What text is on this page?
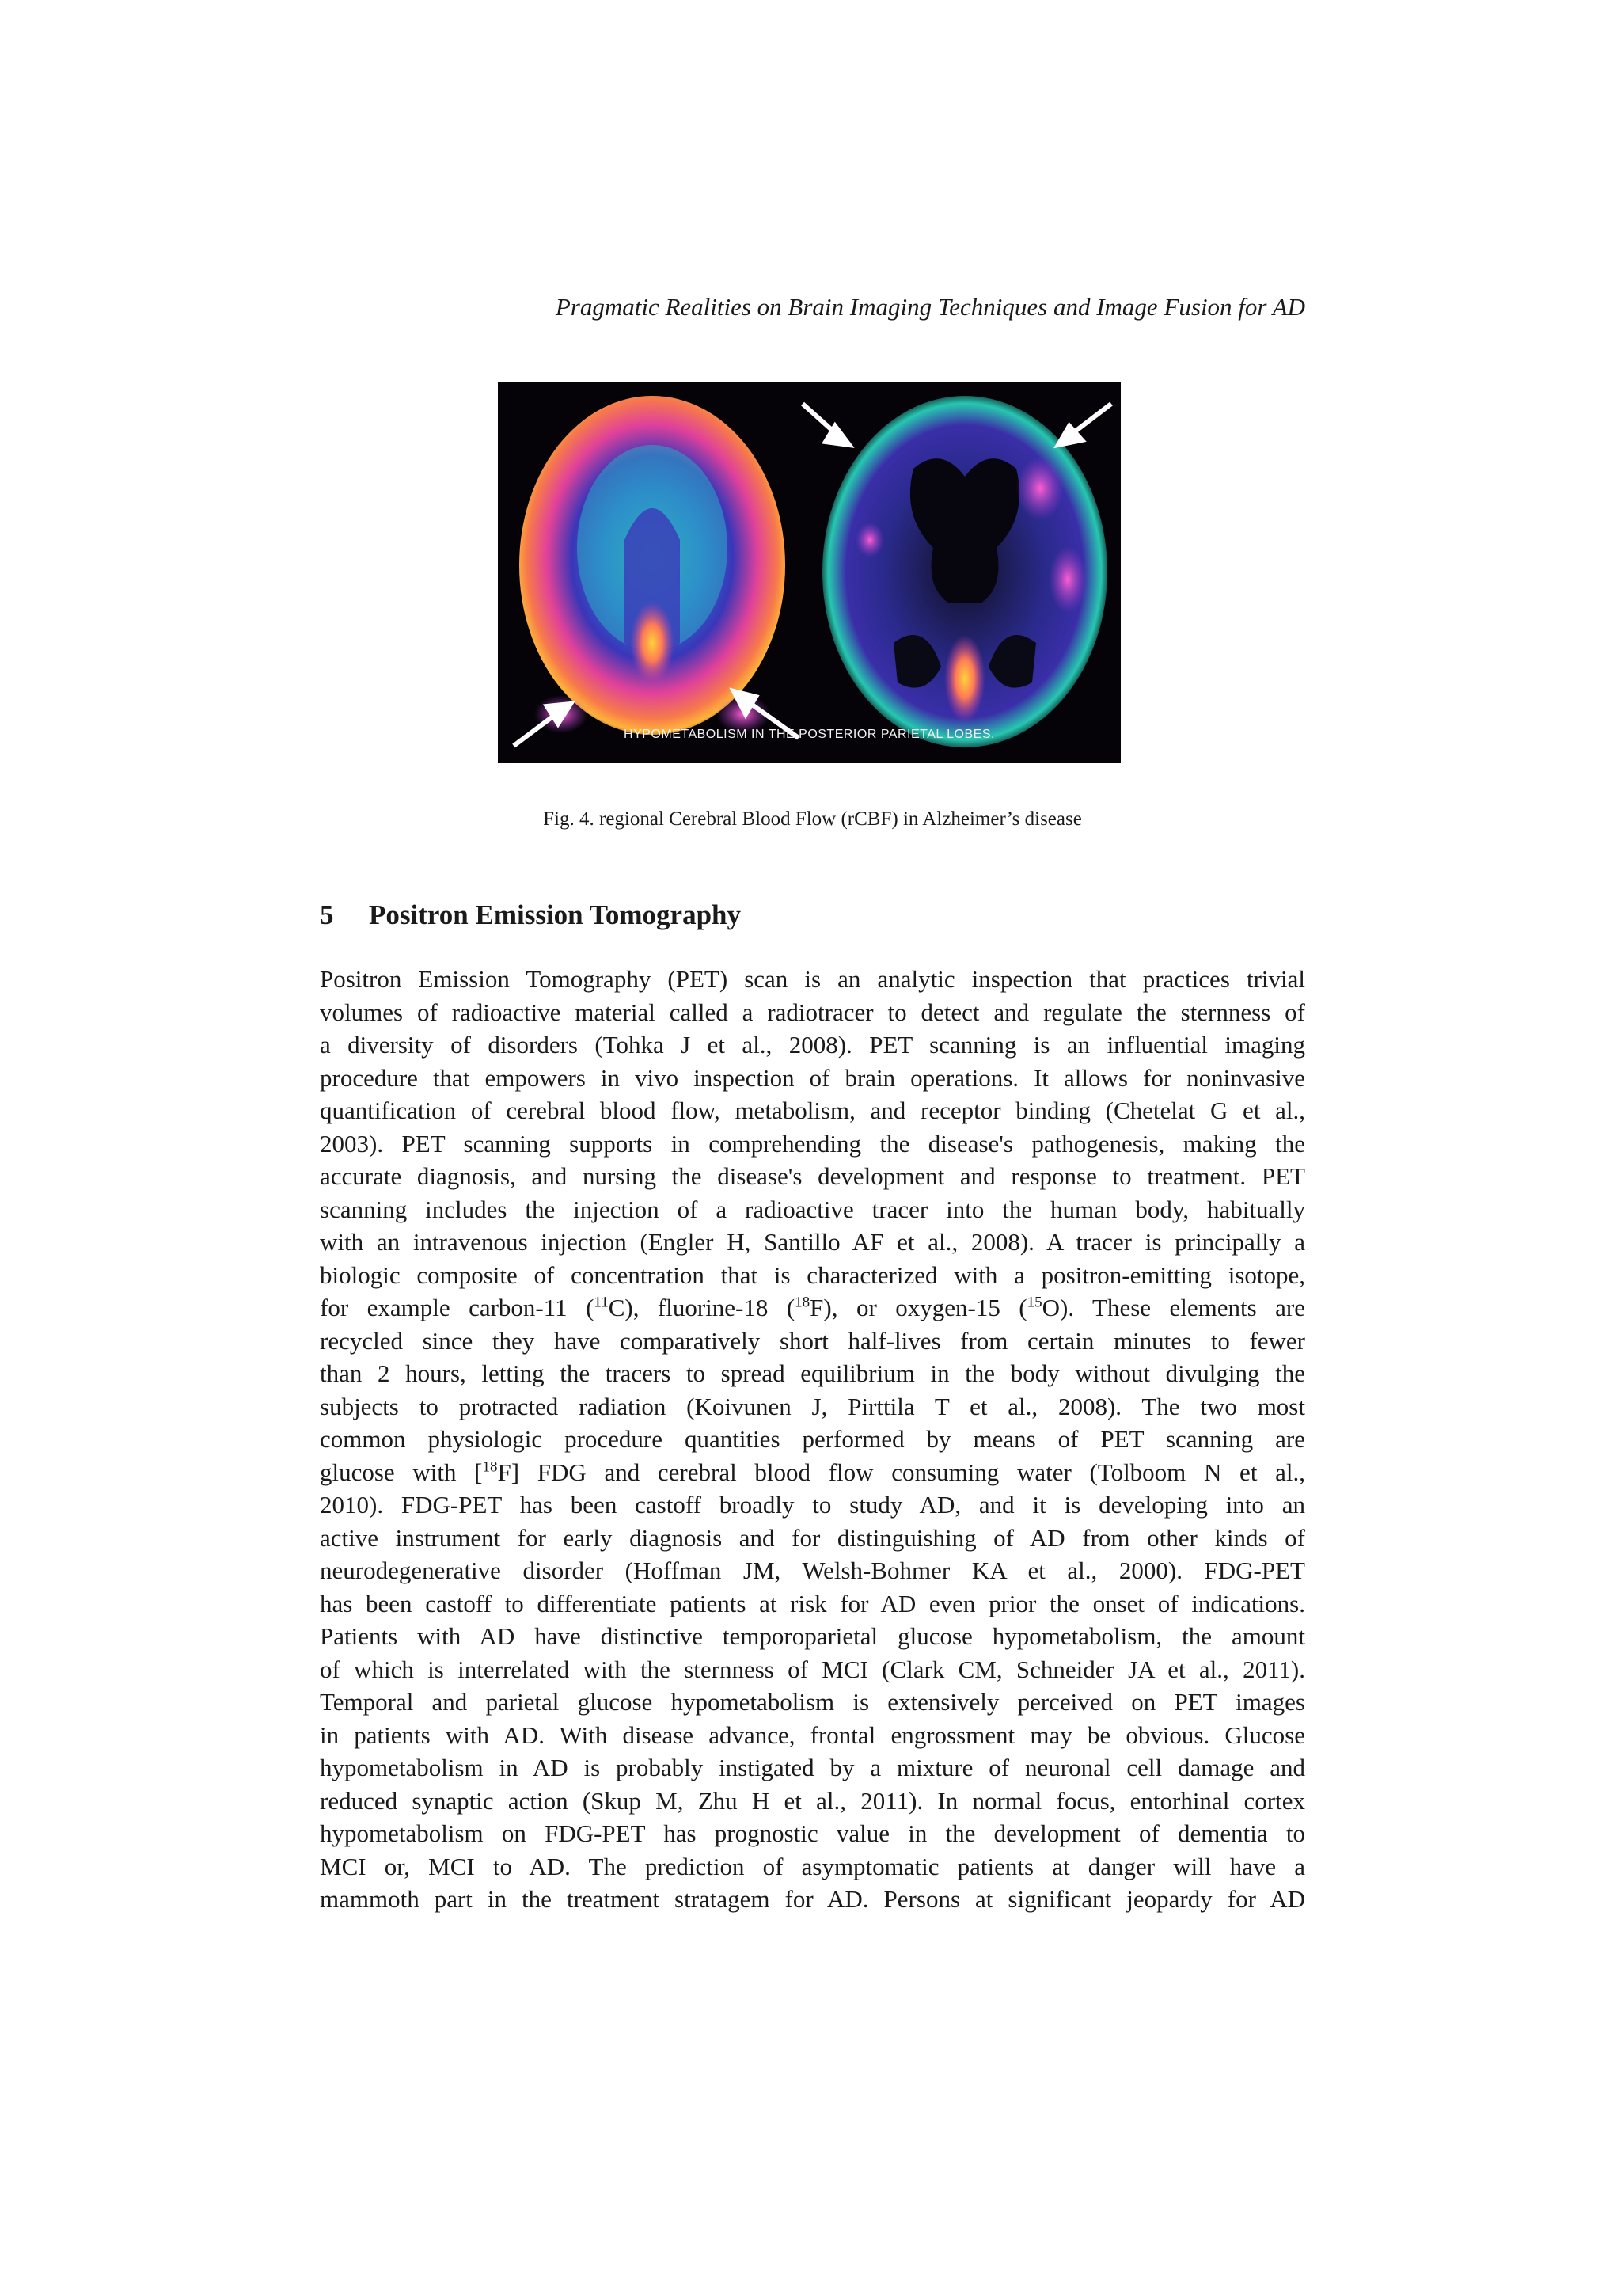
Pragmatic Realities on Brain Imaging Techniques and Image Fusion for AD
HYPOMETABOLISM IN THE POSTERIOR PARIETAL LOBES.
Fig. 4. regional Cerebral Blood Flow (rCBF) in Alzheimer’s disease
5 Positron Emission Tomography
Positron Emission Tomography (PET) scan is an analytic inspection that practices trivial
volumes of radioactive material called a radiotracer to detect and regulate the sternness of
a diversity of disorders (Tohka J et al., 2008). PET scanning is an influential imaging
procedure that empowers in vivo inspection of brain operations. It allows for noninvasive
quantification of cerebral blood flow, metabolism, and receptor binding (Chetelat G et al.,
2003). PET scanning supports in comprehending the disease's pathogenesis, making the
accurate diagnosis, and nursing the disease's development and response to treatment. PET
scanning includes the injection of a radioactive tracer into the human body, habitually
with an intravenous injection (Engler H, Santillo AF et al., 2008). A tracer is principally a
biologic composite of concentration that is characterized with a positron-emitting isotope,
for example carbon-11 ($^{11}$C), fluorine-18 ($^{18}$F), or oxygen-15 ($^{15}$O). These elements are
recycled since they have comparatively short half-lives from certain minutes to fewer
than 2 hours, letting the tracers to spread equilibrium in the body without divulging the
subjects to protracted radiation (Koivunen J, Pirttila T et al., 2008). The two most
common physiologic procedure quantities performed by means of PET scanning are
glucose with [$^{18}$F] FDG and cerebral blood flow consuming water (Tolboom N et al.,
2010). FDG-PET has been castoff broadly to study AD, and it is developing into an
active instrument for early diagnosis and for distinguishing of AD from other kinds of
neurodegenerative disorder (Hoffman JM, Welsh-Bohmer KA et al., 2000). FDG-PET
has been castoff to differentiate patients at risk for AD even prior the onset of indications.
Patients with AD have distinctive temporoparietal glucose hypometabolism, the amount
of which is interrelated with the sternness of MCI (Clark CM, Schneider JA et al., 2011).
Temporal and parietal glucose hypometabolism is extensively perceived on PET images
in patients with AD. With disease advance, frontal engrossment may be obvious. Glucose
hypometabolism in AD is probably instigated by a mixture of neuronal cell damage and
reduced synaptic action (Skup M, Zhu H et al., 2011). In normal focus, entorhinal cortex
hypometabolism on FDG-PET has prognostic value in the development of dementia to
MCI or, MCI to AD. The prediction of asymptomatic patients at danger will have a
mammoth part in the treatment stratagem for AD. Persons at significant jeopardy for AD
